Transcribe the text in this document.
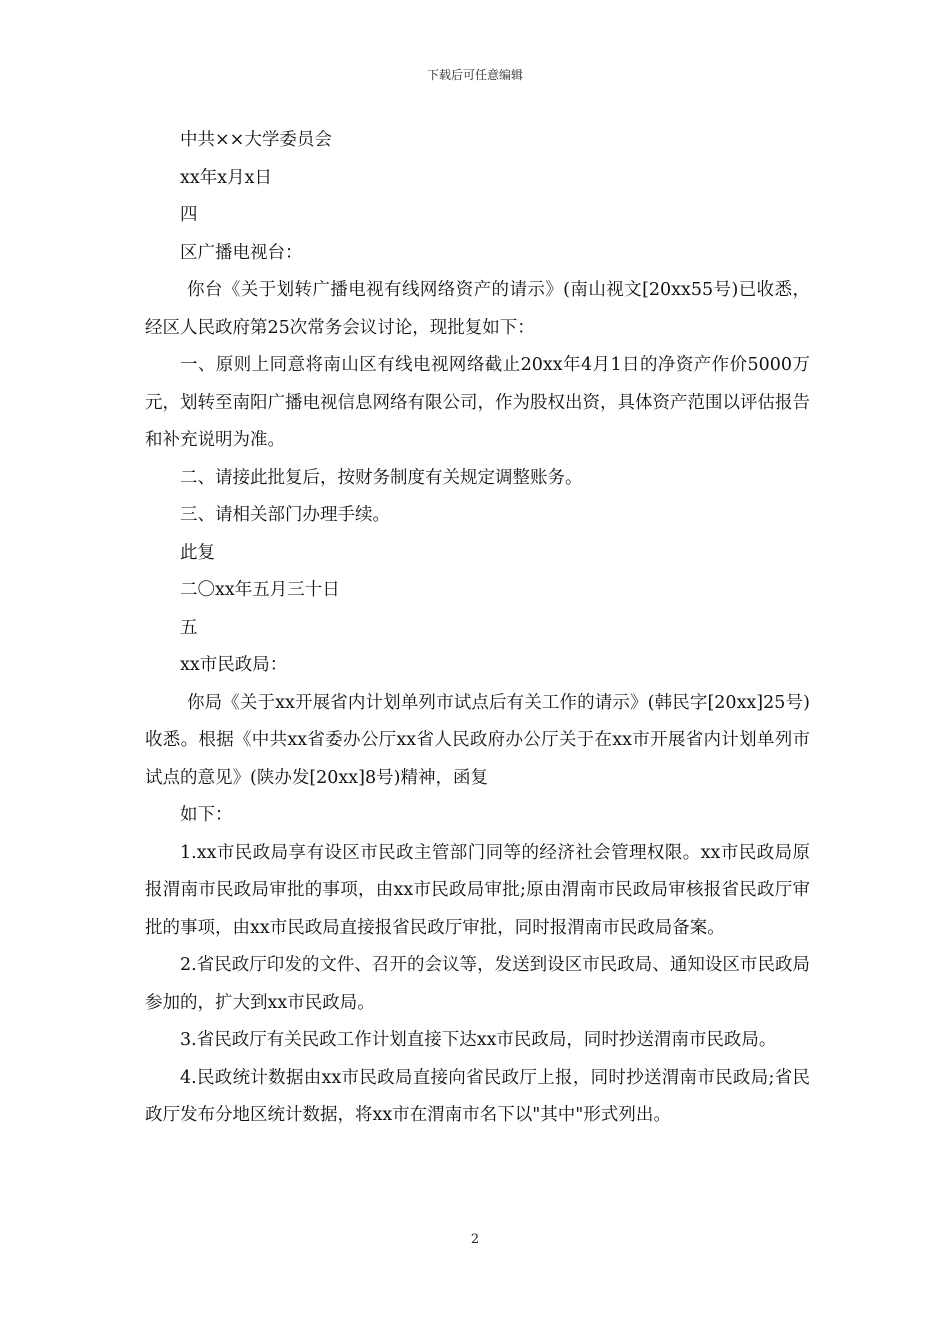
下载后可任意编辑

中共××大学委员会

xx年x月x日

四

区广播电视台：

你台《关于划转广播电视有线网络资产的请示》(南山视文[20xx55号)已收悉，经区人民政府第25次常务会议讨论，现批复如下：

一、原则上同意将南山区有线电视网络截止20xx年4月1日的净资产作价5000万元，划转至南阳广播电视信息网络有限公司，作为股权出资，具体资产范围以评估报告和补充说明为准。

二、请接此批复后，按财务制度有关规定调整账务。

三、请相关部门办理手续。

此复

二〇xx年五月三十日

五

xx市民政局：

你局《关于xx开展省内计划单列市试点后有关工作的请示》(韩民字[20xx]25号)收悉。根据《中共xx省委办公厅xx省人民政府办公厅关于在xx市开展省内计划单列市试点的意见》(陕办发[20xx]8号)精神，函复

如下：

1.xx市民政局享有设区市民政主管部门同等的经济社会管理权限。xx市民政局原报渭南市民政局审批的事项，由xx市民政局审批;原由渭南市民政局审核报省民政厅审批的事项，由xx市民政局直接报省民政厅审批，同时报渭南市民政局备案。

2.省民政厅印发的文件、召开的会议等，发送到设区市民政局、通知设区市民政局参加的，扩大到xx市民政局。

3.省民政厅有关民政工作计划直接下达xx市民政局，同时抄送渭南市民政局。

4.民政统计数据由xx市民政局直接向省民政厅上报，同时抄送渭南市民政局;省民政厅发布分地区统计数据，将xx市在渭南市名下以"其中"形式列出。

2
